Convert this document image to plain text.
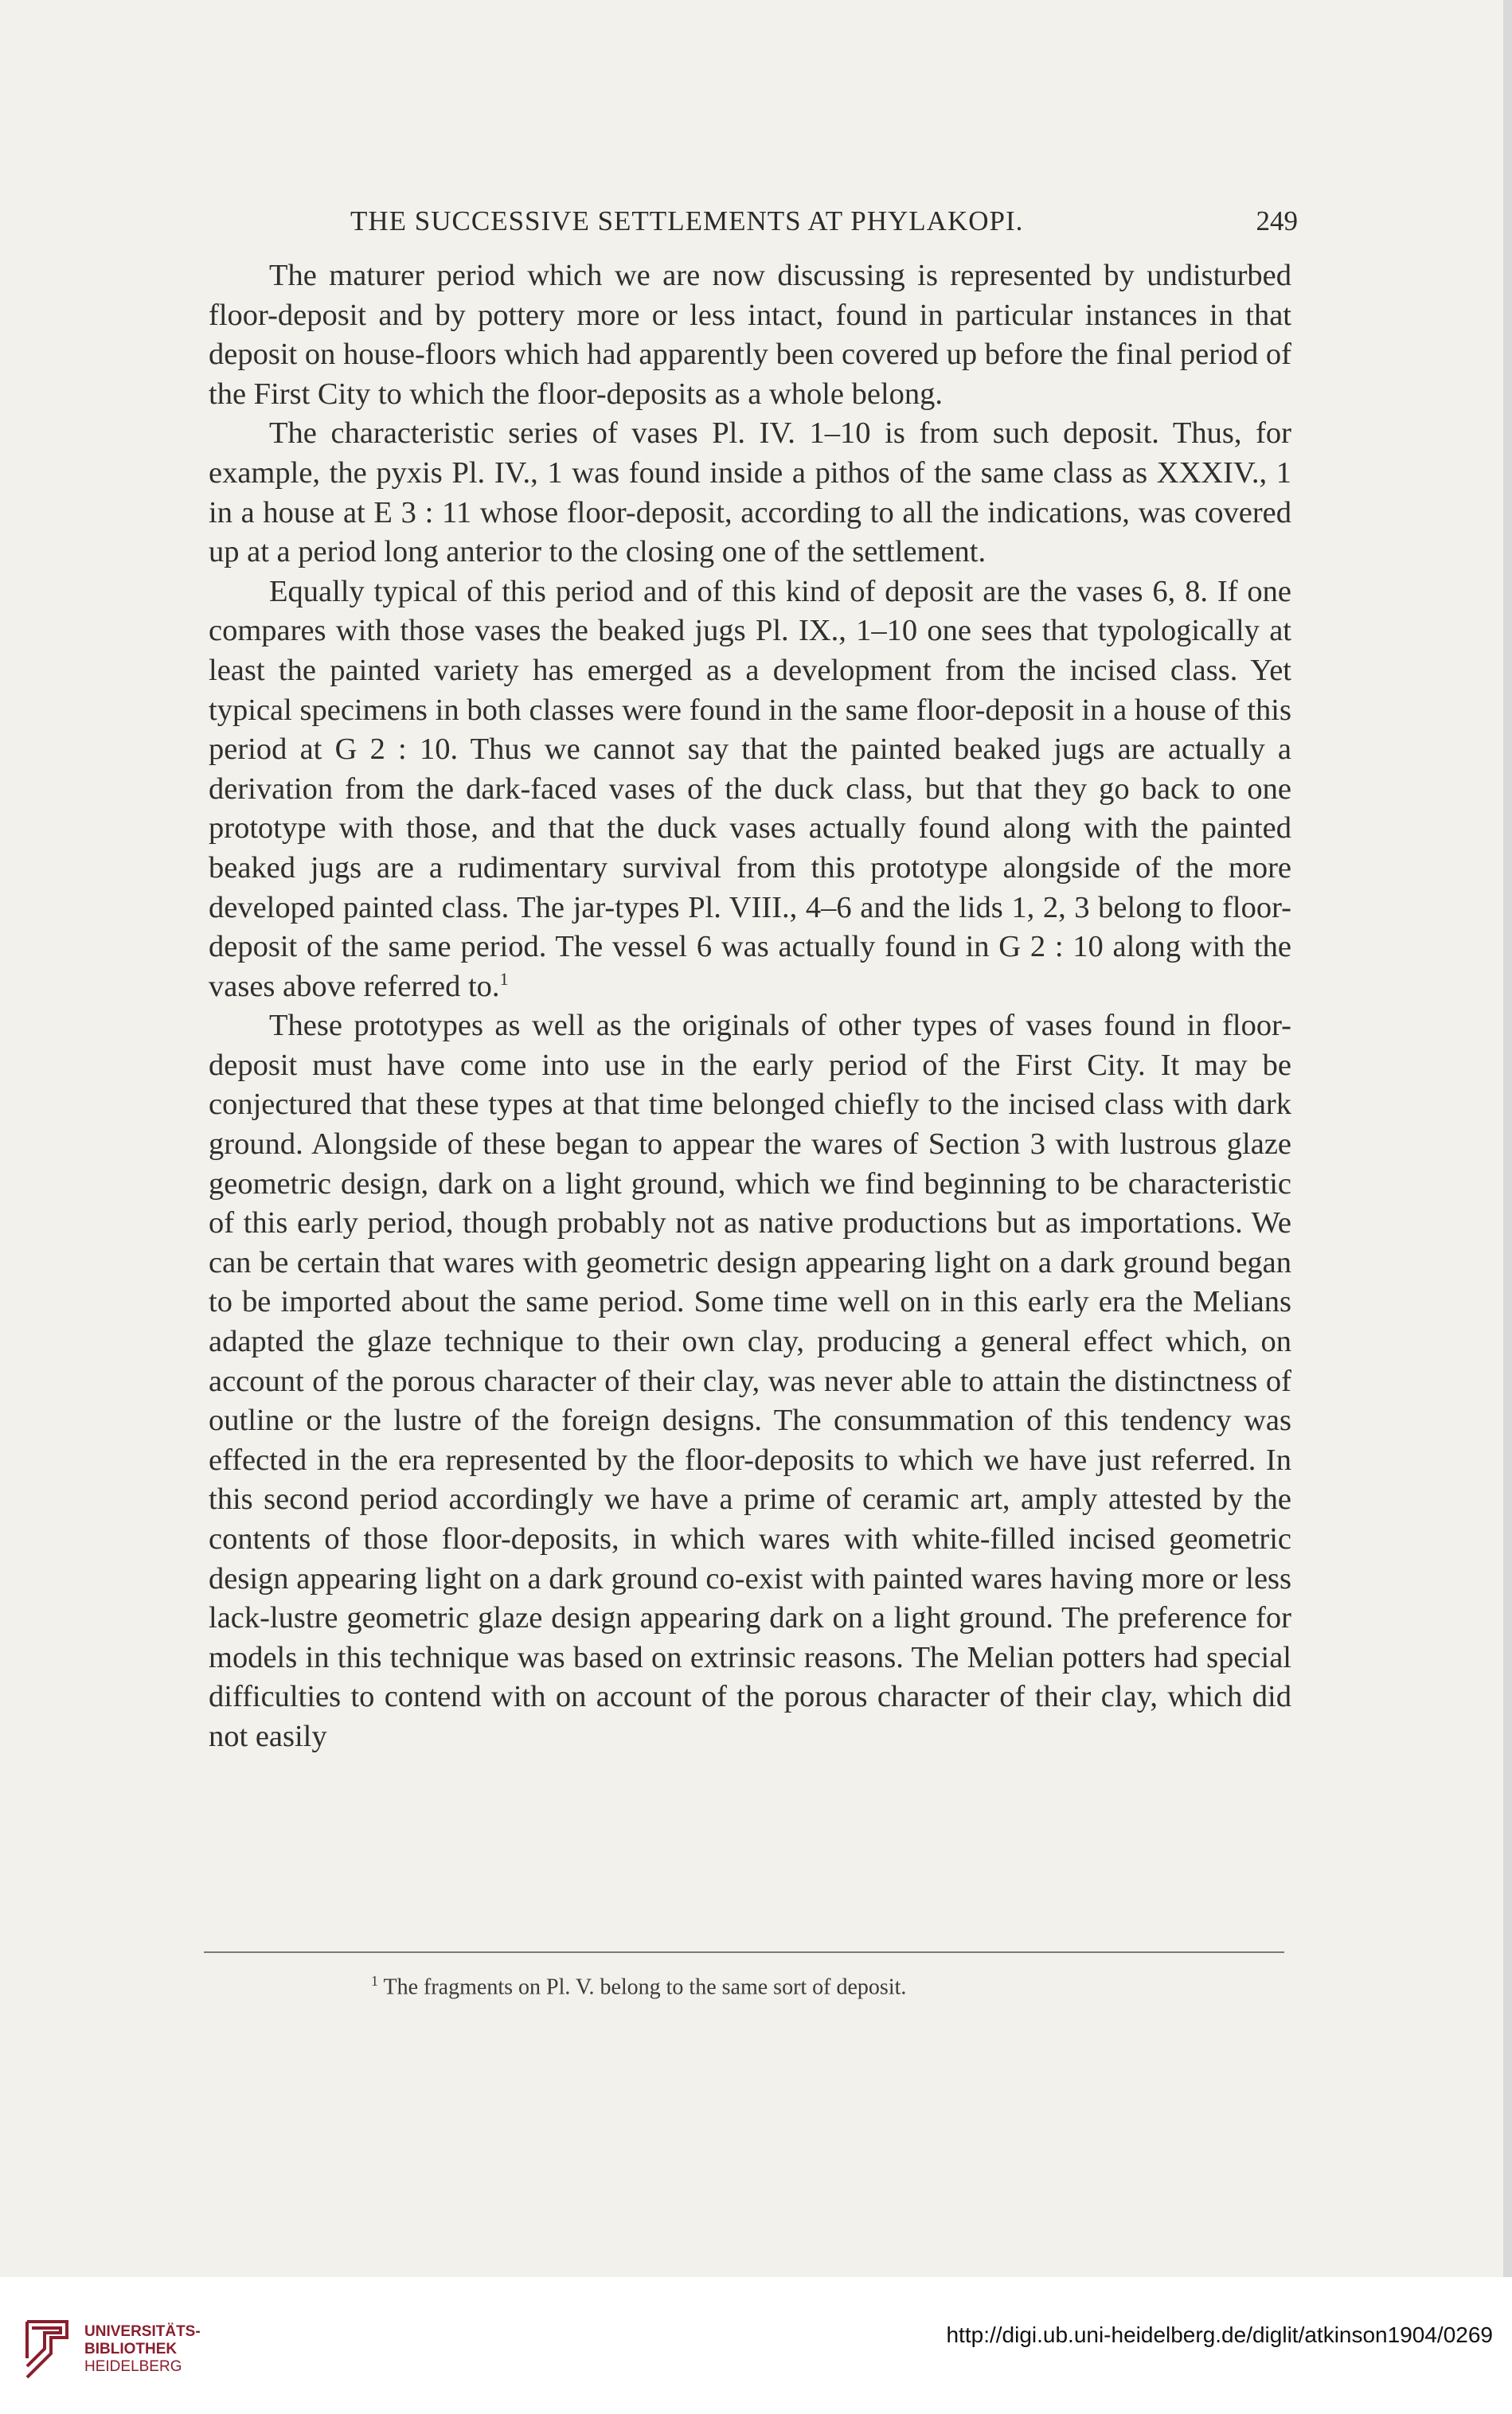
THE SUCCESSIVE SETTLEMENTS AT PHYLAKOPI.	249

The maturer period which we are now discussing is represented by undisturbed floor-deposit and by pottery more or less intact, found in particular instances in that deposit on house-floors which had apparently been covered up before the final period of the First City to which the floor-deposits as a whole belong.

The characteristic series of vases Pl. IV. 1–10 is from such deposit. Thus, for example, the pyxis Pl. IV., 1 was found inside a pithos of the same class as XXXIV., 1 in a house at E 3 : 11 whose floor-deposit, according to all the indications, was covered up at a period long anterior to the closing one of the settlement.

Equally typical of this period and of this kind of deposit are the vases 6, 8. If one compares with those vases the beaked jugs Pl. IX., 1–10 one sees that typologically at least the painted variety has emerged as a development from the incised class. Yet typical specimens in both classes were found in the same floor-deposit in a house of this period at G 2 : 10. Thus we cannot say that the painted beaked jugs are actually a derivation from the dark-faced vases of the duck class, but that they go back to one prototype with those, and that the duck vases actually found along with the painted beaked jugs are a rudimentary survival from this prototype alongside of the more developed painted class. The jar-types Pl. VIII., 4–6 and the lids 1, 2, 3 belong to floor-deposit of the same period. The vessel 6 was actually found in G 2 : 10 along with the vases above referred to.$^1$

These prototypes as well as the originals of other types of vases found in floor-deposit must have come into use in the early period of the First City. It may be conjectured that these types at that time belonged chiefly to the incised class with dark ground. Alongside of these began to appear the wares of Section 3 with lustrous glaze geometric design, dark on a light ground, which we find beginning to be characteristic of this early period, though probably not as native productions but as importations. We can be certain that wares with geometric design appearing light on a dark ground began to be imported about the same period. Some time well on in this early era the Melians adapted the glaze technique to their own clay, producing a general effect which, on account of the porous character of their clay, was never able to attain the distinctness of outline or the lustre of the foreign designs. The consummation of this tendency was effected in the era represented by the floor-deposits to which we have just referred. In this second period accordingly we have a prime of ceramic art, amply attested by the contents of those floor-deposits, in which wares with white-filled incised geometric design appearing light on a dark ground co-exist with painted wares having more or less lack-lustre geometric glaze design appearing dark on a light ground. The preference for models in this technique was based on extrinsic reasons. The Melian potters had special difficulties to contend with on account of the porous character of their clay, which did not easily

$^1$ The fragments on Pl. V. belong to the same sort of deposit.
UNIVERSITÄTS-
BIBLIOTHEK
HEIDELBERG
http://digi.ub.uni-heidelberg.de/diglit/atkinson1904/0269
